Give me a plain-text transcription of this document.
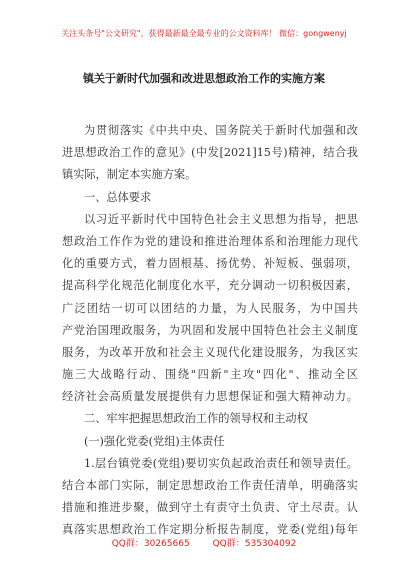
关注头条号"公文研究"，获得最新最全最专业的公文资料库！ 微信：gongwenyj
镇关于新时代加强和改进思想政治工作的实施方案
为贯彻落实《中共中央、国务院关于新时代加强和改
进思想政治工作的意见》(中发[2021]15号)精神，结合我
镇实际，制定本实施方案。
一、总体要求
以习近平新时代中国特色社会主义思想为指导，把思
想政治工作作为党的建设和推进治理体系和治理能力现代
化的重要方式，着力固根基、扬优势、补短板、强弱项，
提高科学化规范化制度化水平，充分调动一切积极因素，
广泛团结一切可以团结的力量，为人民服务，为中国共
产党治国理政服务，为巩固和发展中国特色社会主义制度
服务，为改革开放和社会主义现代化建设服务，为我区实
施三大战略行动、围绕"四新"主攻"四化"、推动全区
经济社会高质量发展提供有力思想保证和强大精神动力。
二、牢牢把握思想政治工作的领导权和主动权
(一)强化党委(党组)主体责任
1.层台镇党委(党组)要切实负起政治责任和领导责任。
结合本部门实际，制定思想政治工作责任清单，明确落实
措施和推进步聚，做到守土有责守土负责、守土尽责。认
真落实思想政治工作定期分析报告制度，党委(党组)每年
QQ群：30265665	QQ群：535304092
